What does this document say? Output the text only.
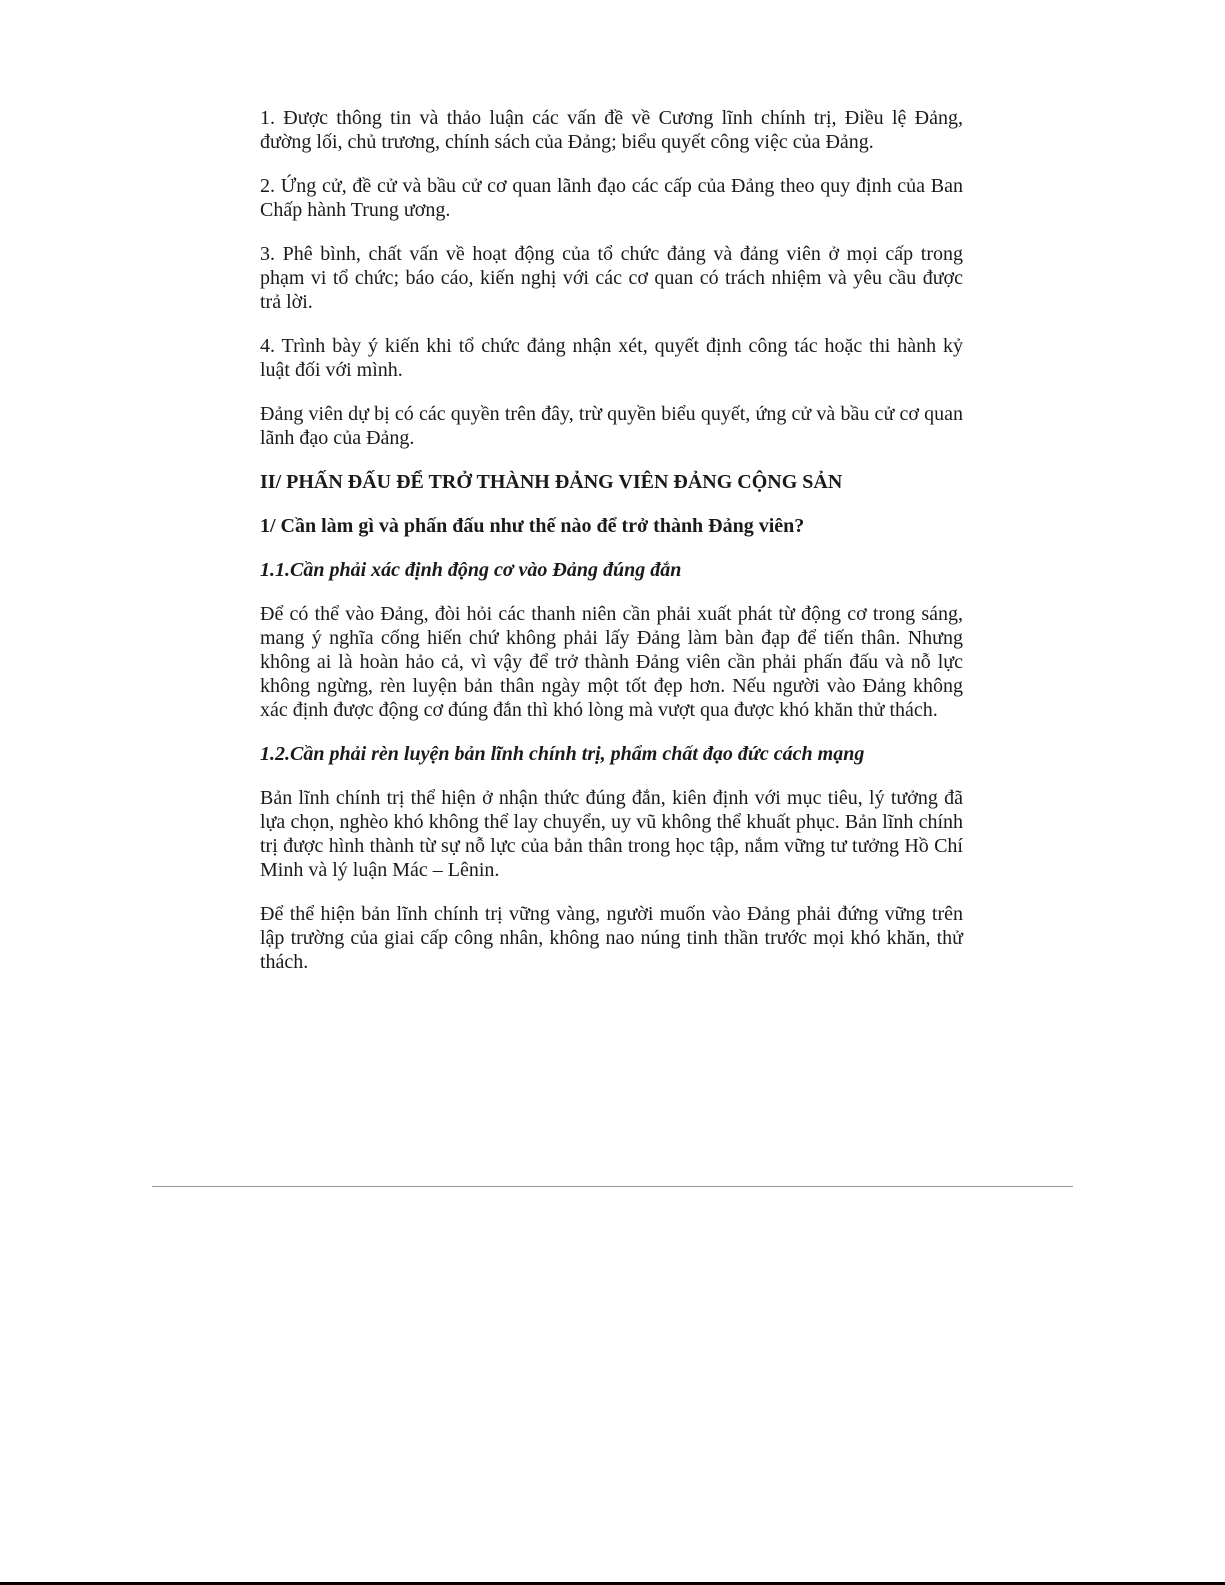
1. Được thông tin và thảo luận các vấn đề về Cương lĩnh chính trị, Điều lệ Đảng, đường lối, chủ trương, chính sách của Đảng; biểu quyết công việc của Đảng.

2. Ứng cử, đề cử và bầu cử cơ quan lãnh đạo các cấp của Đảng theo quy định của Ban Chấp hành Trung ương.

3. Phê bình, chất vấn về hoạt động của tổ chức đảng và đảng viên ở mọi cấp trong phạm vi tổ chức; báo cáo, kiến nghị với các cơ quan có trách nhiệm và yêu cầu được trả lời.

4. Trình bày ý kiến khi tổ chức đảng nhận xét, quyết định công tác hoặc thi hành kỷ luật đối với mình.

Đảng viên dự bị có các quyền trên đây, trừ quyền biểu quyết, ứng cử và bầu cử cơ quan lãnh đạo của Đảng.

II/ PHẤN ĐẤU ĐỂ TRỞ THÀNH ĐẢNG VIÊN ĐẢNG CỘNG SẢN

1/ Cần làm gì và phấn đấu như thế nào để trở thành Đảng viên?

1.1.Cần phải xác định động cơ vào Đảng đúng đắn

Để có thể vào Đảng, đòi hỏi các thanh niên cần phải xuất phát từ động cơ trong sáng, mang ý nghĩa cống hiến chứ không phải lấy Đảng làm bàn đạp để tiến thân. Nhưng không ai là hoàn hảo cả, vì vậy để trở thành Đảng viên cần phải phấn đấu và nỗ lực không ngừng, rèn luyện bản thân ngày một tốt đẹp hơn. Nếu người vào Đảng không xác định được động cơ đúng đắn thì khó lòng mà vượt qua được khó khăn thử thách.

1.2.Cần phải rèn luyện bản lĩnh chính trị, phẩm chất đạo đức cách mạng

Bản lĩnh chính trị thể hiện ở nhận thức đúng đắn, kiên định với mục tiêu, lý tưởng đã lựa chọn, nghèo khó không thể lay chuyển, uy vũ không thể khuất phục. Bản lĩnh chính trị được hình thành từ sự nỗ lực của bản thân trong học tập, nắm vững tư tưởng Hồ Chí Minh và lý luận Mác – Lênin.

Để thể hiện bản lĩnh chính trị vững vàng, người muốn vào Đảng phải đứng vững trên lập trường của giai cấp công nhân, không nao núng tinh thần trước mọi khó khăn, thử thách.
